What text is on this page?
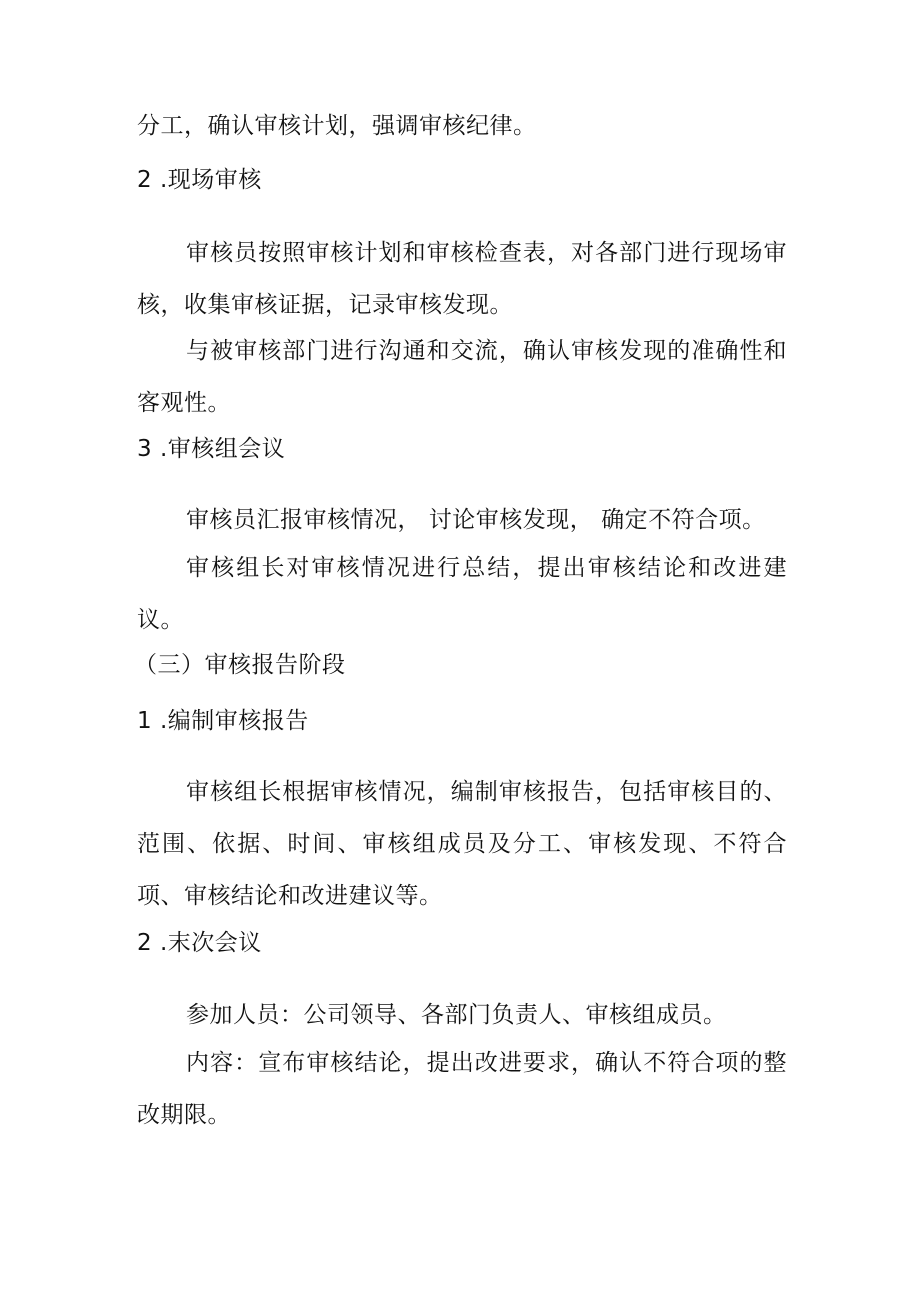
分工，确认审核计划，强调审核纪律。
2 .现场审核
审核员按照审核计划和审核检查表，对各部门进行现场审核，收集审核证据，记录审核发现。
与被审核部门进行沟通和交流，确认审核发现的准确性和客观性。
3 .审核组会议
审核员汇报审核情况， 讨论审核发现， 确定不符合项。
审核组长对审核情况进行总结，提出审核结论和改进建议。
（三）审核报告阶段
1 .编制审核报告
审核组长根据审核情况，编制审核报告，包括审核目的、范围、依据、时间、审核组成员及分工、审核发现、不符合项、审核结论和改进建议等。
2 .末次会议
参加人员：公司领导、各部门负责人、审核组成员。
内容：宣布审核结论，提出改进要求，确认不符合项的整改期限。
